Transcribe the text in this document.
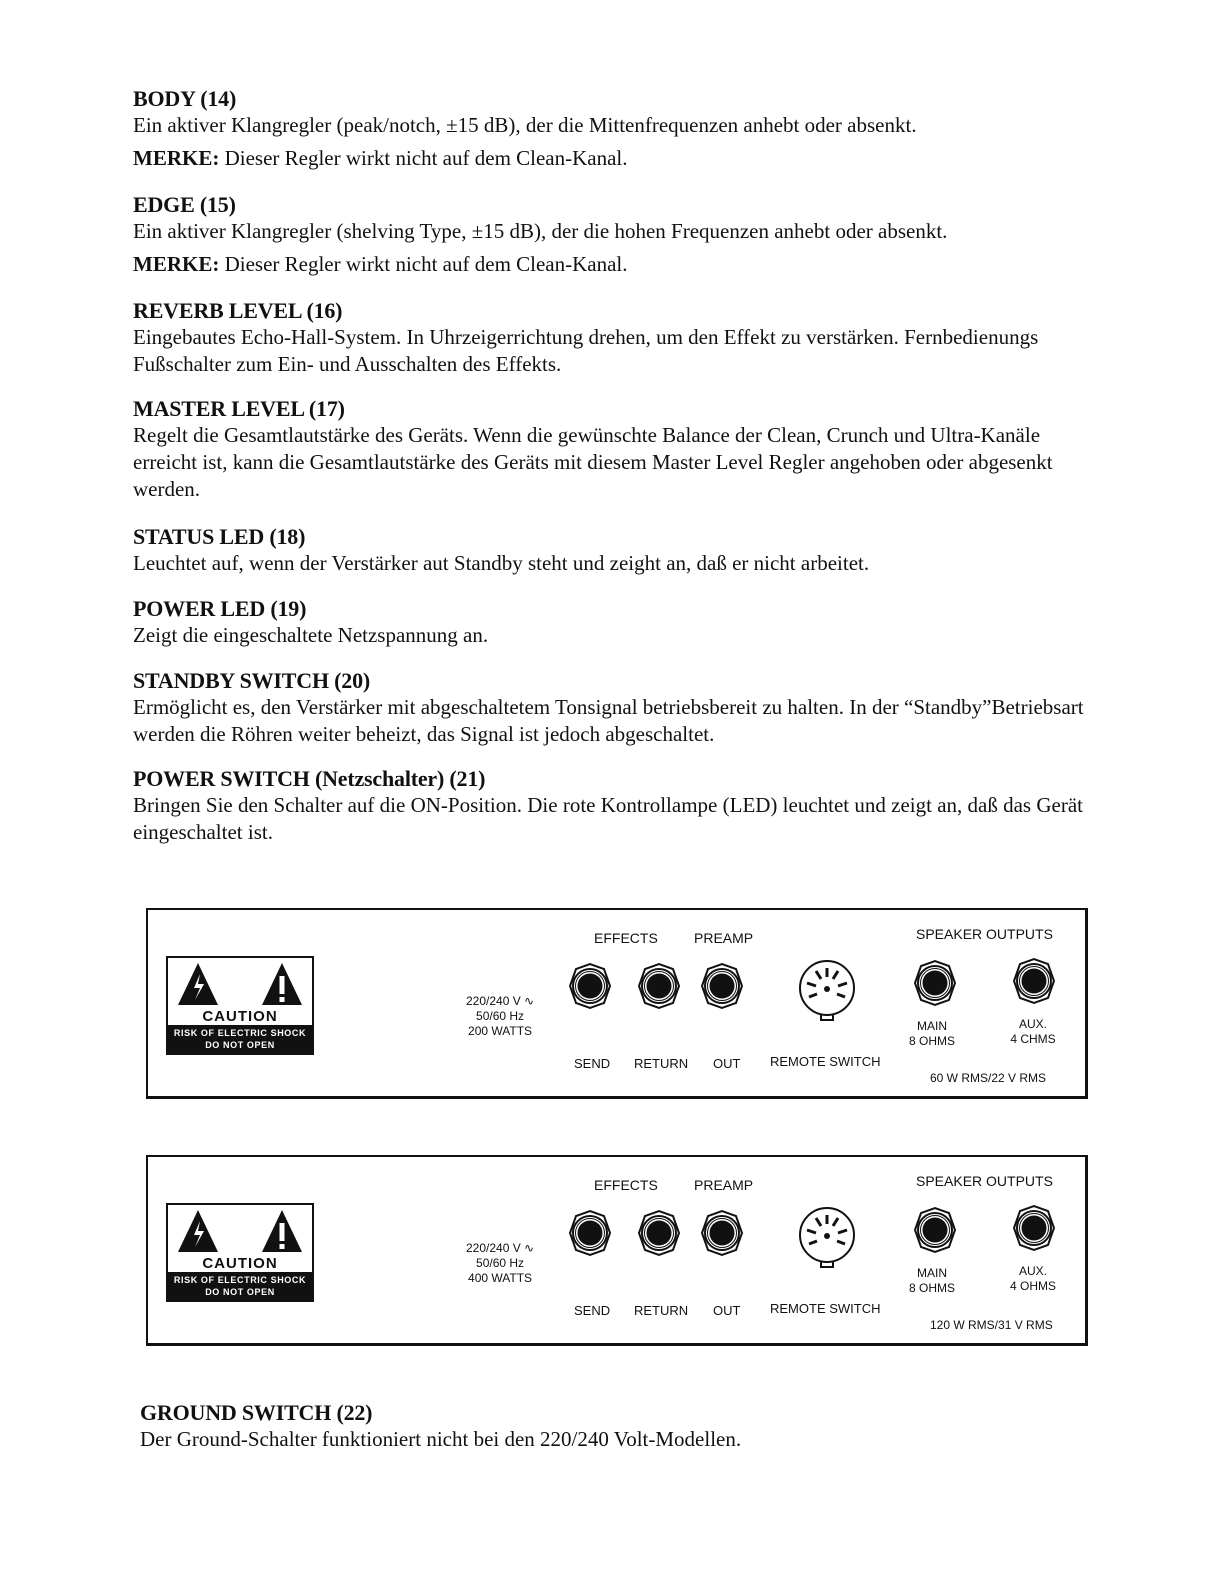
BODY (14)
Ein aktiver Klangregler (peak/notch, ±15 dB), der die Mittenfrequenzen anhebt oder absenkt.
MERKE: Dieser Regler wirkt nicht auf dem Clean-Kanal.
EDGE (15)
Ein aktiver Klangregler (shelving Type, ±15 dB), der die hohen Frequenzen anhebt oder absenkt.
MERKE: Dieser Regler wirkt nicht auf dem Clean-Kanal.
REVERB LEVEL (16)
Eingebautes Echo-Hall-System. In Uhrzeigerrichtung drehen, um den Effekt zu verstärken. Fernbedienungs Fußschalter zum Ein- und Ausschalten des Effekts.
MASTER LEVEL (17)
Regelt die Gesamtlautstärke des Geräts. Wenn die gewünschte Balance der Clean, Crunch und Ultra-Kanäle erreicht ist, kann die Gesamtlautstärke des Geräts mit diesem Master Level Regler angehoben oder abgesenkt werden.
STATUS LED (18)
Leuchtet auf, wenn der Verstärker aut Standby steht und zeight an, daß er nicht arbeitet.
POWER LED (19)
Zeigt die eingeschaltete Netzspannung an.
STANDBY SWITCH (20)
Ermöglicht es, den Verstärker mit abgeschaltetem Tonsignal betriebsbereit zu halten. In der “Standby”Betriebsart werden die Röhren weiter beheizt, das Signal ist jedoch abgeschaltet.
POWER SWITCH (Netzschalter) (21)
Bringen Sie den Schalter auf die ON-Position. Die rote Kontrollampe (LED) leuchtet und zeigt an, daß das Gerät eingeschaltet ist.
CAUTION
RISK OF ELECTRIC SHOCK
DO NOT OPEN
220/240 V ∿
50/60 Hz
200 WATTS
EFFECTS	PREAMP	SPEAKER OUTPUTS
SEND RETURN OUT REMOTE SWITCH
MAIN
8 OHMS
AUX.
4 CHMS
60 W RMS/22 V RMS
CAUTION
RISK OF ELECTRIC SHOCK
DO NOT OPEN
220/240 V ∿
50/60 Hz
400 WATTS
EFFECTS	PREAMP	SPEAKER OUTPUTS
SEND RETURN OUT REMOTE SWITCH
MAIN
8 OHMS
AUX.
4 OHMS
120 W RMS/31 V RMS
GROUND SWITCH (22)
Der Ground-Schalter funktioniert nicht bei den 220/240 Volt-Modellen.
